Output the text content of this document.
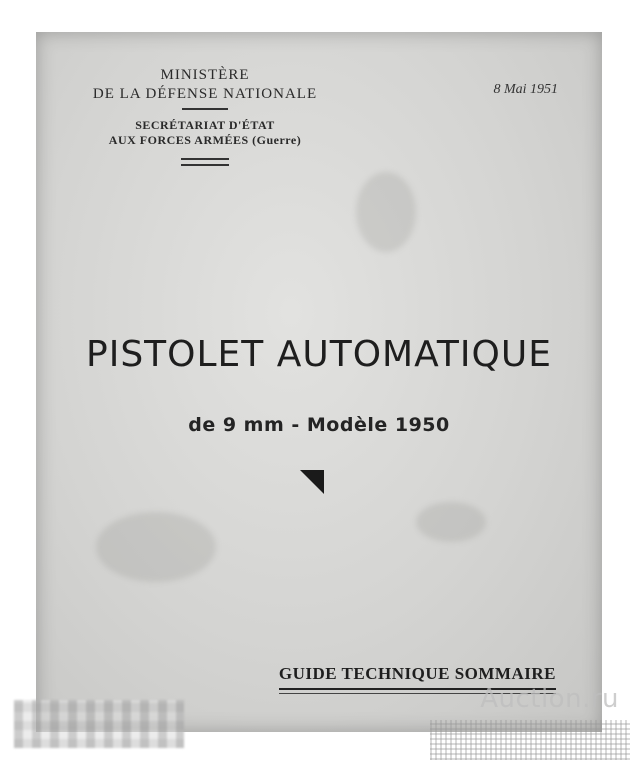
MINISTÈRE
DE LA DÉFENSE NATIONALE
SECRÉTARIAT D'ÉTAT
AUX FORCES ARMÉES (Guerre)
8 Mai 1951
PISTOLET AUTOMATIQUE
de 9 mm - Modèle 1950
GUIDE TECHNIQUE SOMMAIRE
Auction.ru
